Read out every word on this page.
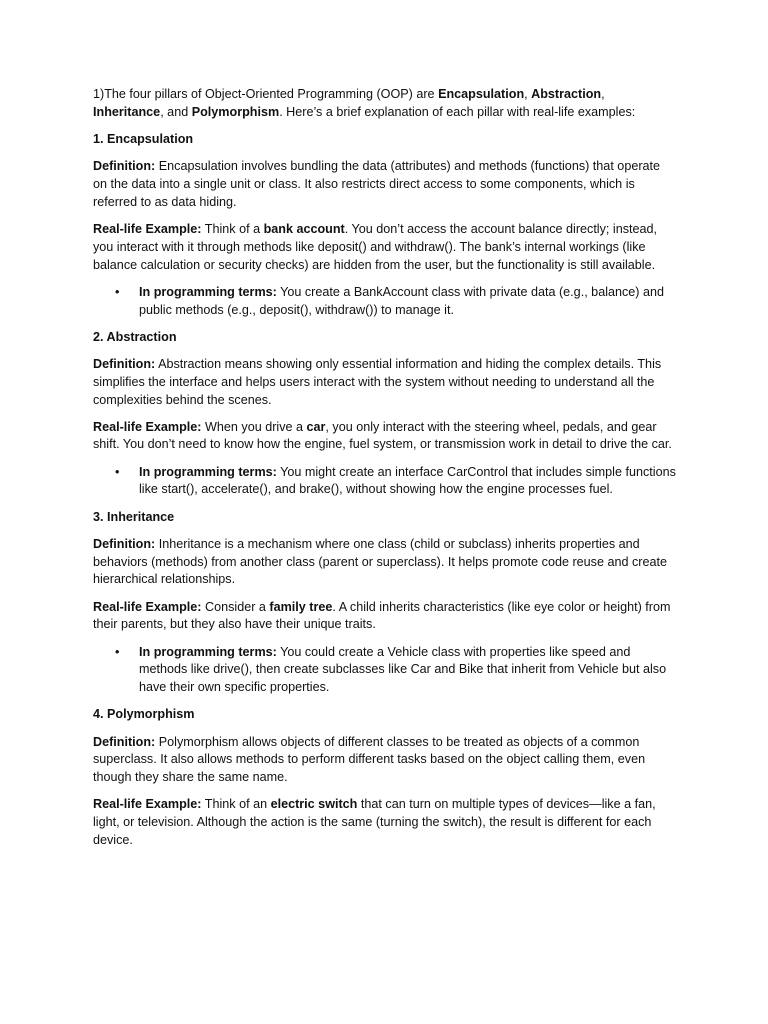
1)The four pillars of Object-Oriented Programming (OOP) are Encapsulation, Abstraction, Inheritance, and Polymorphism. Here’s a brief explanation of each pillar with real-life examples:

1. Encapsulation

Definition: Encapsulation involves bundling the data (attributes) and methods (functions) that operate on the data into a single unit or class. It also restricts direct access to some components, which is referred to as data hiding.

Real-life Example: Think of a bank account. You don’t access the account balance directly; instead, you interact with it through methods like deposit() and withdraw(). The bank’s internal workings (like balance calculation or security checks) are hidden from the user, but the functionality is still available.

• In programming terms: You create a BankAccount class with private data (e.g., balance) and public methods (e.g., deposit(), withdraw()) to manage it.

2. Abstraction

Definition: Abstraction means showing only essential information and hiding the complex details. This simplifies the interface and helps users interact with the system without needing to understand all the complexities behind the scenes.

Real-life Example: When you drive a car, you only interact with the steering wheel, pedals, and gear shift. You don’t need to know how the engine, fuel system, or transmission work in detail to drive the car.

• In programming terms: You might create an interface CarControl that includes simple functions like start(), accelerate(), and brake(), without showing how the engine processes fuel.

3. Inheritance

Definition: Inheritance is a mechanism where one class (child or subclass) inherits properties and behaviors (methods) from another class (parent or superclass). It helps promote code reuse and create hierarchical relationships.

Real-life Example: Consider a family tree. A child inherits characteristics (like eye color or height) from their parents, but they also have their unique traits.

• In programming terms: You could create a Vehicle class with properties like speed and methods like drive(), then create subclasses like Car and Bike that inherit from Vehicle but also have their own specific properties.

4. Polymorphism

Definition: Polymorphism allows objects of different classes to be treated as objects of a common superclass. It also allows methods to perform different tasks based on the object calling them, even though they share the same name.

Real-life Example: Think of an electric switch that can turn on multiple types of devices—like a fan, light, or television. Although the action is the same (turning the switch), the result is different for each device.
